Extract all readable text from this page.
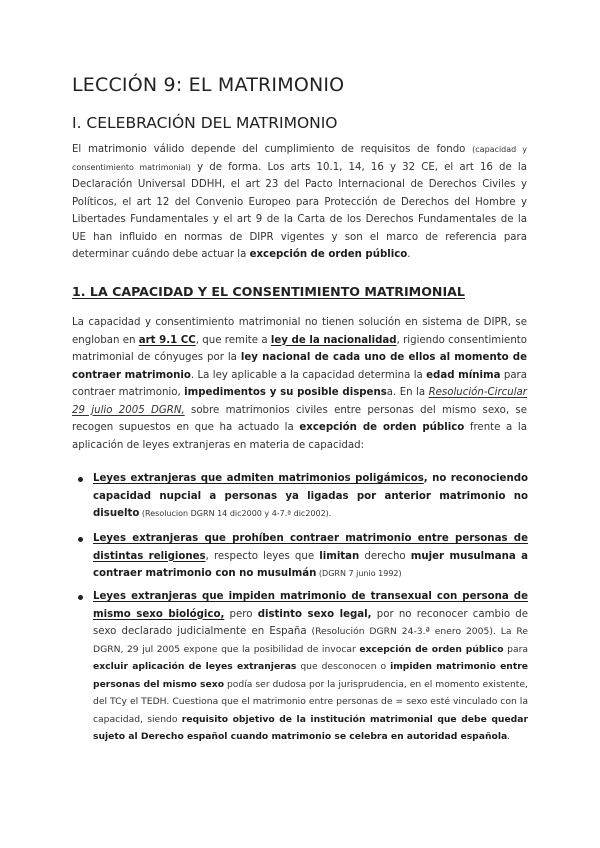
LECCIÓN 9: EL MATRIMONIO
I. CELEBRACIÓN DEL MATRIMONIO

El matrimonio válido depende del cumplimiento de requisitos de fondo (capacidad y consentimiento matrimonial) y de forma. Los arts 10.1, 14, 16 y 32 CE, el art 16 de la Declaración Universal DDHH, el art 23 del Pacto Internacional de Derechos Civiles y Políticos, el art 12 del Convenio Europeo para Protección de Derechos del Hombre y Libertades Fundamentales y el art 9 de la Carta de los Derechos Fundamentales de la UE han influido en normas de DIPR vigentes y son el marco de referencia para determinar cuándo debe actuar la excepción de orden público.

1. LA CAPACIDAD Y EL CONSENTIMIENTO MATRIMONIAL

La capacidad y consentimiento matrimonial no tienen solución en sistema de DIPR, se engloban en art 9.1 CC, que remite a ley de la nacionalidad, rigiendo consentimiento matrimonial de cónyuges por la ley nacional de cada uno de ellos al momento de contraer matrimonio. La ley aplicable a la capacidad determina la edad mínima para contraer matrimonio, impedimentos y su posible dispensa. En la Resolución-Circular 29 julio 2005 DGRN, sobre matrimonios civiles entre personas del mismo sexo, se recogen supuestos en que ha actuado la excepción de orden público frente a la aplicación de leyes extranjeras en materia de capacidad:

Leyes extranjeras que admiten matrimonios poligámicos, no reconociendo capacidad nupcial a personas ya ligadas por anterior matrimonio no disuelto (Resolucion DGRN 14 dic2000 y 4-7.ª dic2002).
Leyes extranjeras que prohíben contraer matrimonio entre personas de distintas religiones, respecto leyes que limitan derecho mujer musulmana a contraer matrimonio con no musulmán (DGRN 7 junio 1992)
Leyes extranjeras que impiden matrimonio de transexual con persona de mismo sexo biológico, pero distinto sexo legal, por no reconocer cambio de sexo declarado judicialmente en España (Resolución DGRN 24-3.ª enero 2005). La Re DGRN, 29 jul 2005 expone que la posibilidad de invocar excepción de orden público para excluir aplicación de leyes extranjeras que desconocen o impiden matrimonio entre personas del mismo sexo podía ser dudosa por la jurisprudencia, en el momento existente, del TCy el TEDH. Cuestiona que el matrimonio entre personas de = sexo esté vinculado con la capacidad, siendo requisito objetivo de la institución matrimonial que debe quedar sujeto al Derecho español cuando matrimonio se celebra en autoridad española.
